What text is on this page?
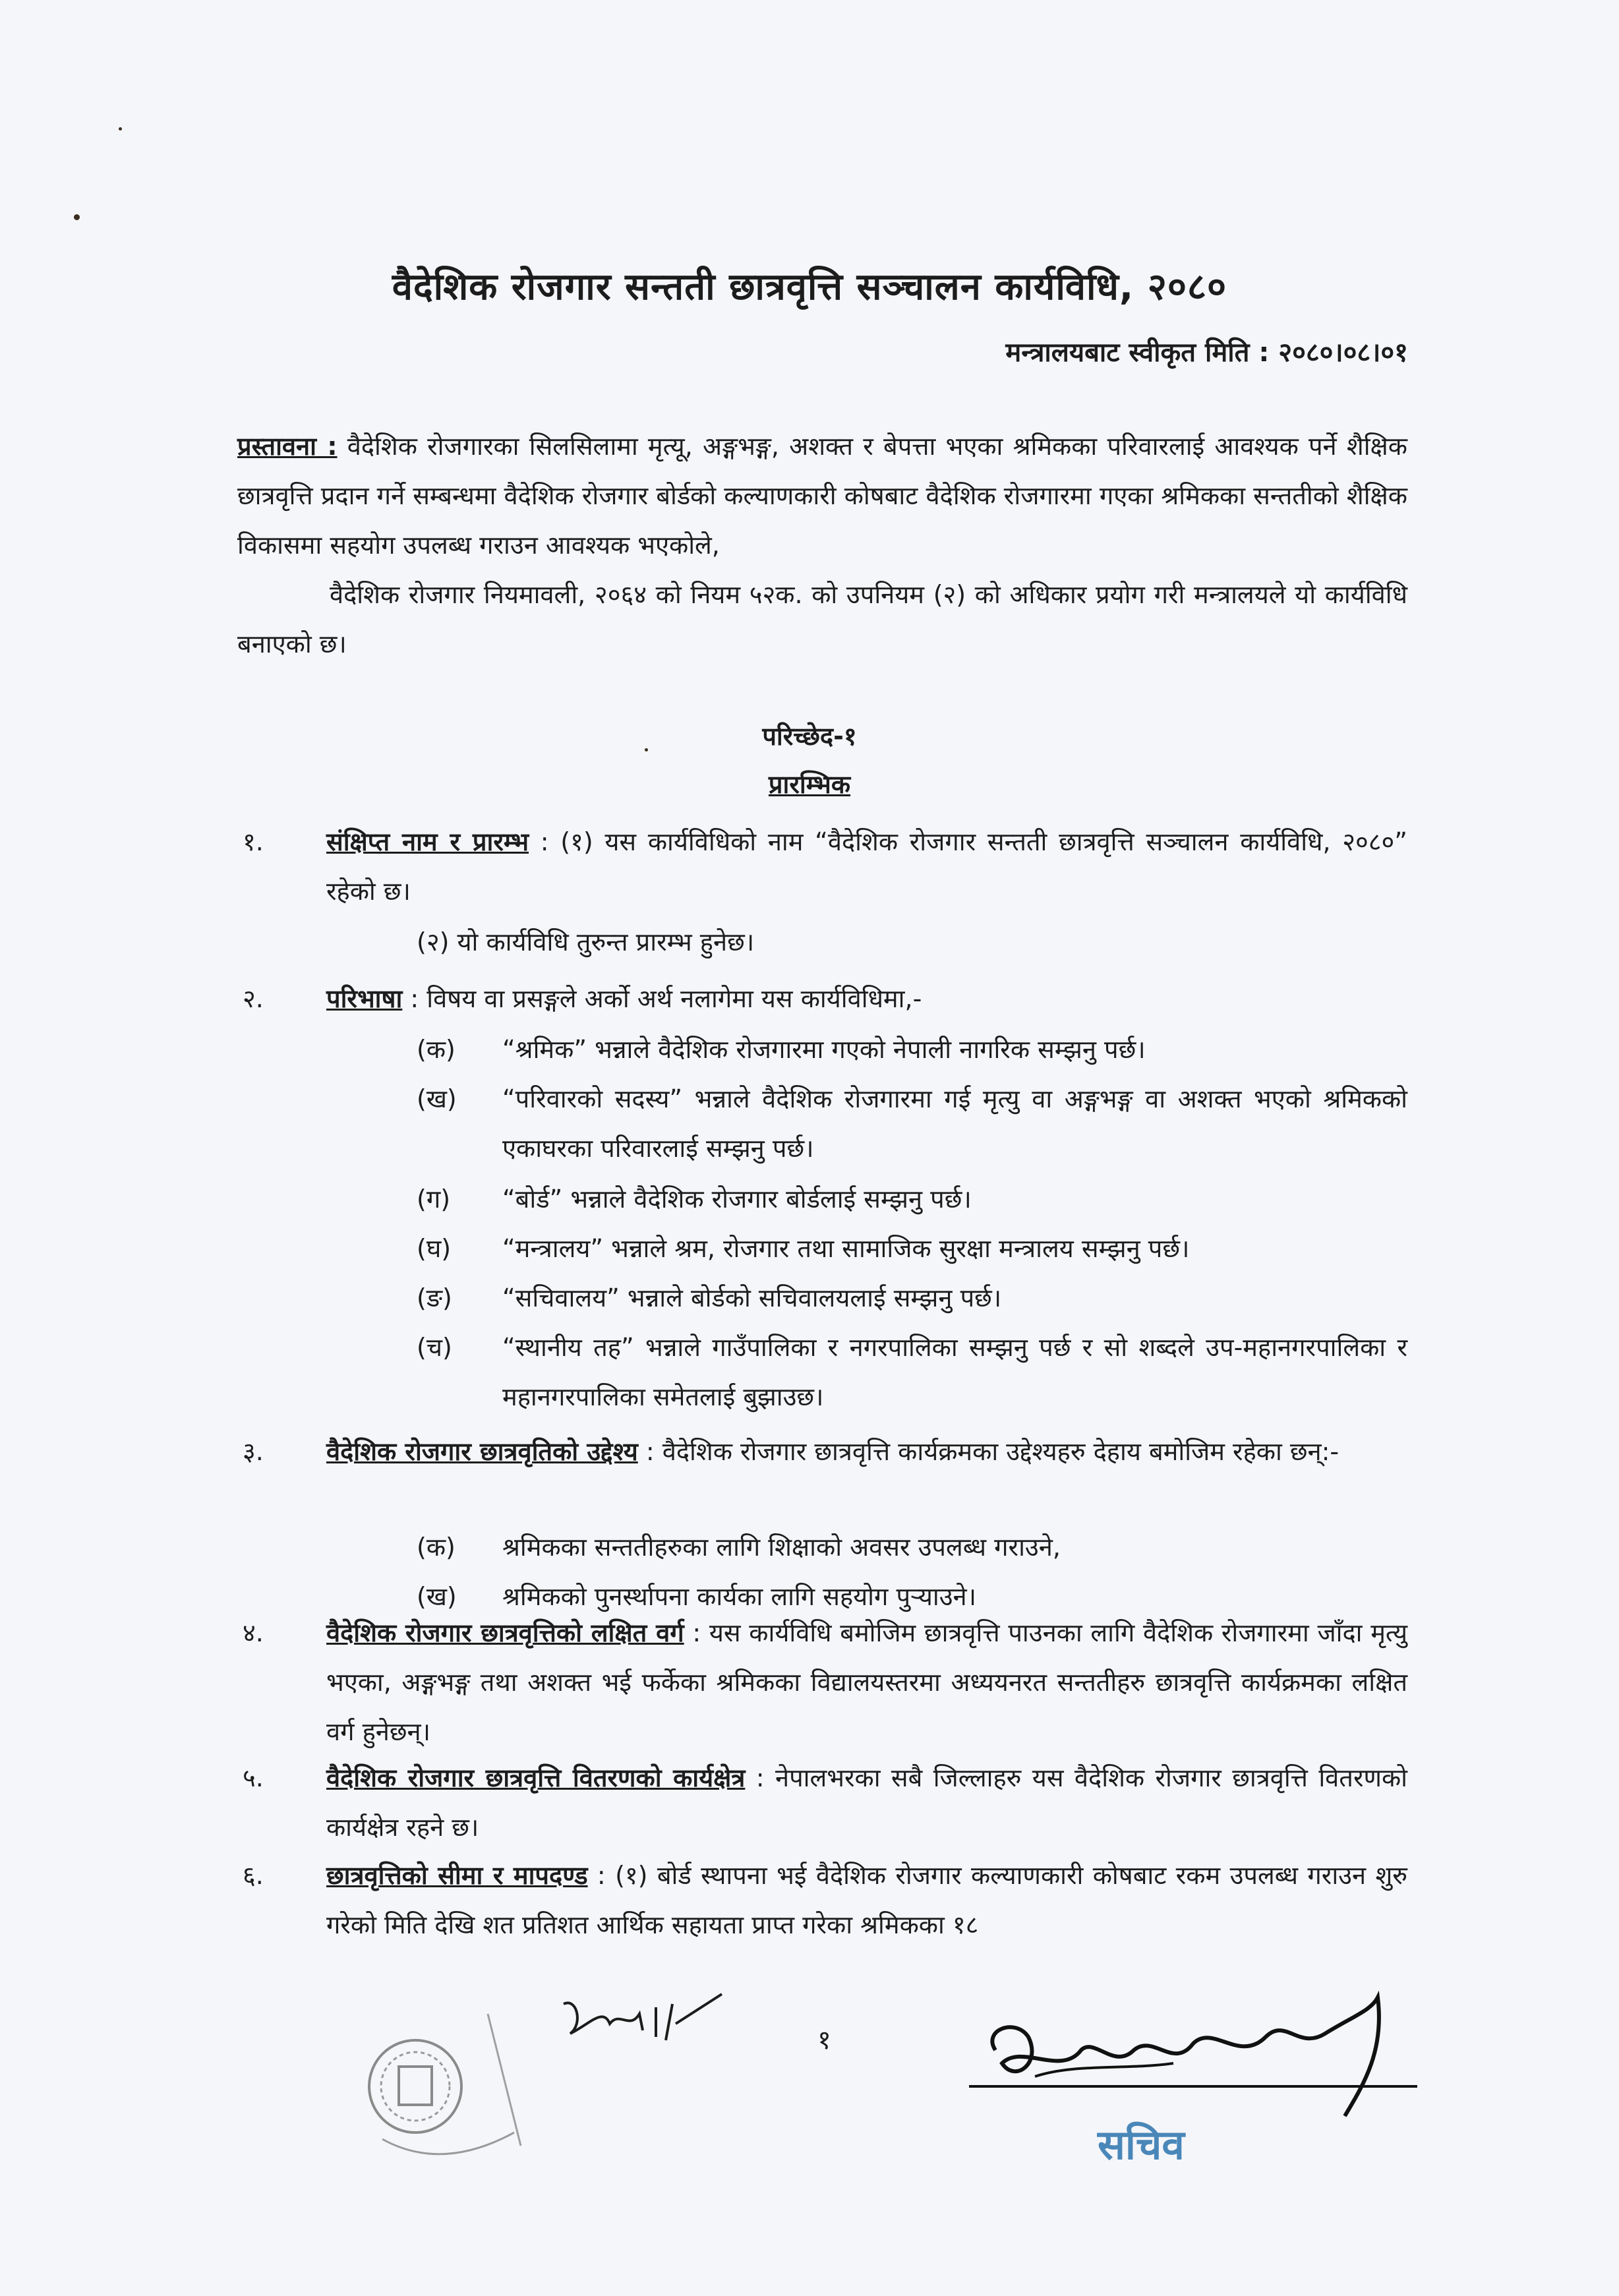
वैदेशिक रोजगार सन्तती छात्रवृत्ति सञ्चालन कार्यविधि, २०८०
मन्त्रालयबाट स्वीकृत मिति : २०८०।०८।०१
प्रस्तावना : वैदेशिक रोजगारका सिलसिलामा मृत्यू, अङ्गभङ्ग, अशक्त र बेपत्ता भएका श्रमिकका परिवारलाई आवश्यक पर्ने शैक्षिक छात्रवृत्ति प्रदान गर्ने सम्बन्धमा वैदेशिक रोजगार बोर्डको कल्याणकारी कोषबाट वैदेशिक रोजगारमा गएका श्रमिकका सन्ततीको शैक्षिक विकासमा सहयोग उपलब्ध गराउन आवश्यक भएकोले,
वैदेशिक रोजगार नियमावली, २०६४ को नियम ५२क. को उपनियम (२) को अधिकार प्रयोग गरी मन्त्रालयले यो कार्यविधि बनाएको छ।
परिच्छेद-१
प्रारम्भिक
१.	संक्षिप्त नाम र प्रारम्भ : (१) यस कार्यविधिको नाम “वैदेशिक रोजगार सन्तती छात्रवृत्ति सञ्चालन कार्यविधि, २०८०” रहेको छ।
(२) यो कार्यविधि तुरुन्त प्रारम्भ हुनेछ।
२.	परिभाषा : विषय वा प्रसङ्गले अर्को अर्थ नलागेमा यस कार्यविधिमा,-
(क) “श्रमिक” भन्नाले वैदेशिक रोजगारमा गएको नेपाली नागरिक सम्झनु पर्छ।
(ख) “परिवारको सदस्य” भन्नाले वैदेशिक रोजगारमा गई मृत्यु वा अङ्गभङ्ग वा अशक्त भएको श्रमिकको एकाघरका परिवारलाई सम्झनु पर्छ।
(ग) “बोर्ड” भन्नाले वैदेशिक रोजगार बोर्डलाई सम्झनु पर्छ।
(घ) “मन्त्रालय” भन्नाले श्रम, रोजगार तथा सामाजिक सुरक्षा मन्त्रालय सम्झनु पर्छ।
(ङ) “सचिवालय” भन्नाले बोर्डको सचिवालयलाई सम्झनु पर्छ।
(च) “स्थानीय तह” भन्नाले गाउँपालिका र नगरपालिका सम्झनु पर्छ र सो शब्दले उप-महानगरपालिका र महानगरपालिका समेतलाई बुझाउछ।
३.	वैदेशिक रोजगार छात्रवृतिको उद्देश्य : वैदेशिक रोजगार छात्रवृत्ति कार्यक्रमका उद्देश्यहरु देहाय बमोजिम रहेका छन्:-
(क) श्रमिकका सन्ततीहरुका लागि शिक्षाको अवसर उपलब्ध गराउने,
(ख) श्रमिकको पुनर्स्थापना कार्यका लागि सहयोग पुर्‍याउने।
४.	वैदेशिक रोजगार छात्रवृत्तिको लक्षित वर्ग : यस कार्यविधि बमोजिम छात्रवृत्ति पाउनका लागि वैदेशिक रोजगारमा जाँदा मृत्यु भएका, अङ्गभङ्ग तथा अशक्त भई फर्केका श्रमिकका विद्यालयस्तरमा अध्ययनरत सन्ततीहरु छात्रवृत्ति कार्यक्रमका लक्षित वर्ग हुनेछन्।
५.	वैदेशिक रोजगार छात्रवृत्ति वितरणको कार्यक्षेत्र : नेपालभरका सबै जिल्लाहरु यस वैदेशिक रोजगार छात्रवृत्ति वितरणको कार्यक्षेत्र रहने छ।
६.	छात्रवृत्तिको सीमा र मापदण्ड : (१) बोर्ड स्थापना भई वैदेशिक रोजगार कल्याणकारी कोषबाट रकम उपलब्ध गराउन शुरु गरेको मिति देखि शत प्रतिशत आर्थिक सहायता प्राप्त गरेका श्रमिकका १८
१
सचिव
